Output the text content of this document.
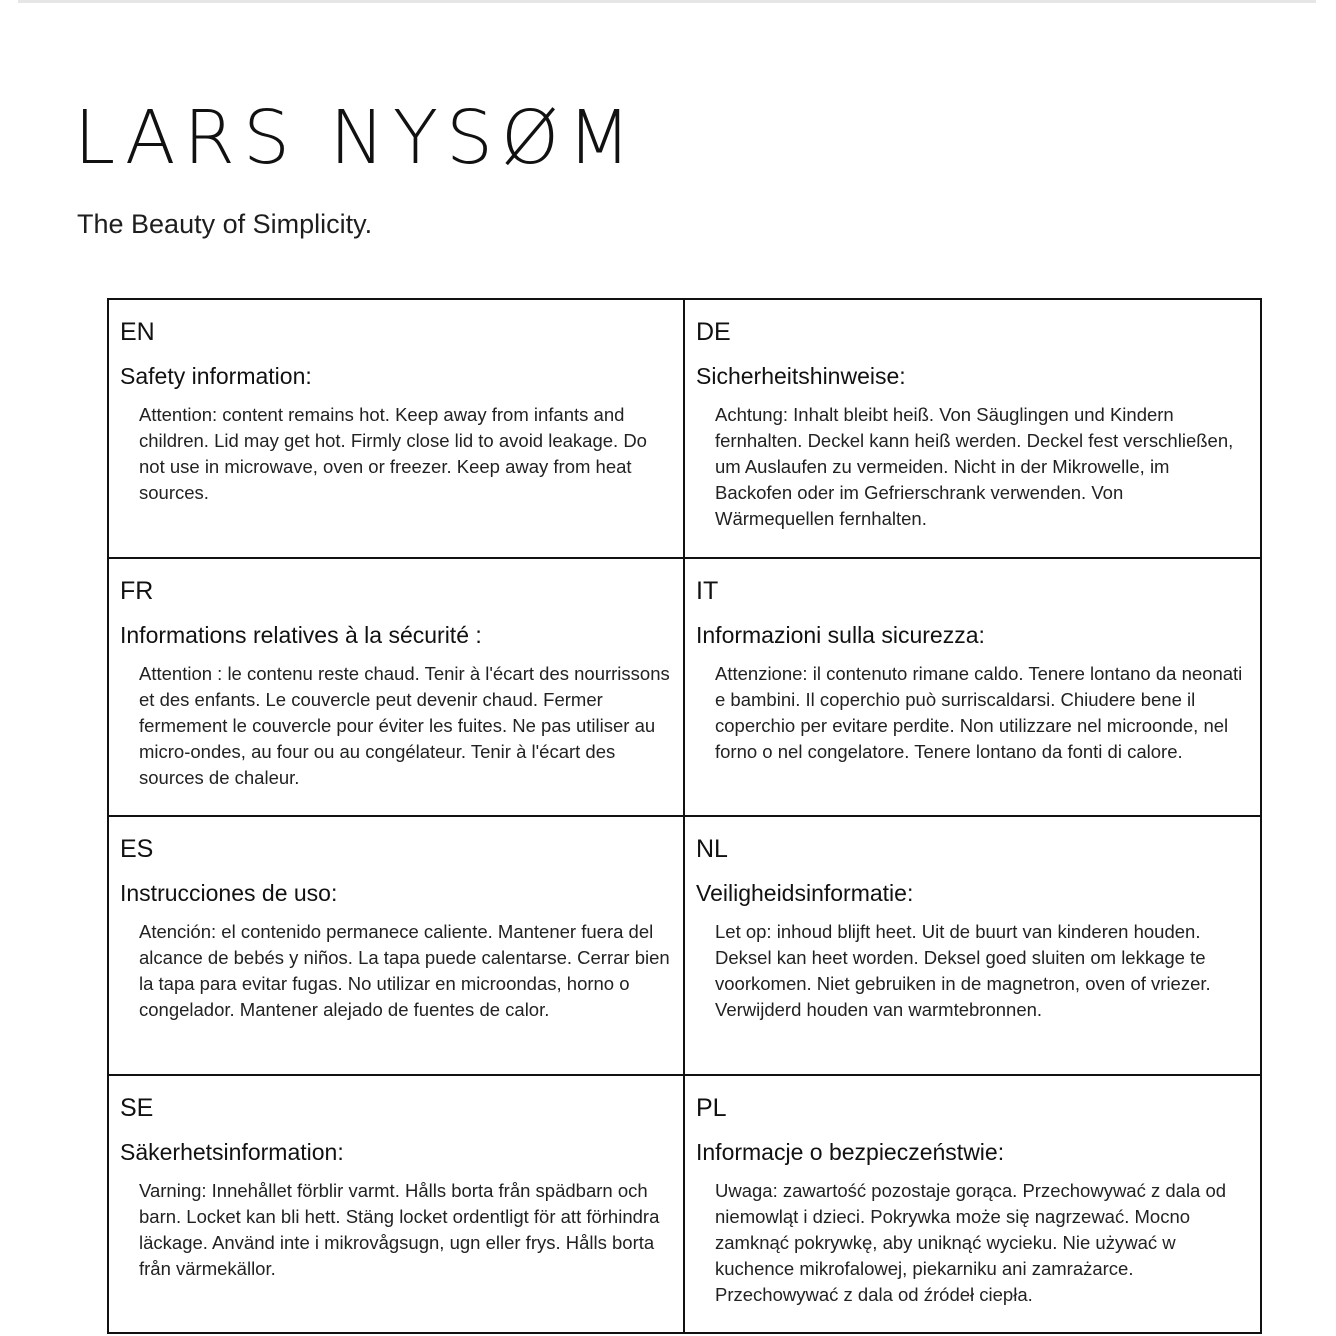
LARS NYSØM

The Beauty of Simplicity.

EN
Safety information:

Attention: content remains hot. Keep away from infants and children. Lid may get hot. Firmly close lid to avoid leakage. Do not use in microwave, oven or freezer. Keep away from heat sources.

DE
Sicherheitshinweise:

Achtung: Inhalt bleibt heiß. Von Säuglingen und Kindern fernhalten. Deckel kann heiß werden. Deckel fest verschließen, um Auslaufen zu vermeiden. Nicht in der Mikrowelle, im Backofen oder im Gefrierschrank verwenden. Von Wärmequellen fernhalten.

FR
Informations relatives à la sécurité :

Attention : le contenu reste chaud. Tenir à l'écart des nourrissons et des enfants. Le couvercle peut devenir chaud. Fermer fermement le couvercle pour éviter les fuites. Ne pas utiliser au micro-ondes, au four ou au congélateur. Tenir à l'écart des sources de chaleur.

IT
Informazioni sulla sicurezza:

Attenzione: il contenuto rimane caldo. Tenere lontano da neonati e bambini. Il coperchio può surriscaldarsi. Chiudere bene il coperchio per evitare perdite. Non utilizzare nel microonde, nel forno o nel congelatore. Tenere lontano da fonti di calore.

ES
Instrucciones de uso:

Atención: el contenido permanece caliente. Mantener fuera del alcance de bebés y niños. La tapa puede calentarse. Cerrar bien la tapa para evitar fugas. No utilizar en microondas, horno o congelador. Mantener alejado de fuentes de calor.

NL
Veiligheidsinformatie:

Let op: inhoud blijft heet. Uit de buurt van kinderen houden. Deksel kan heet worden. Deksel goed sluiten om lekkage te voorkomen. Niet gebruiken in de magnetron, oven of vriezer. Verwijderd houden van warmtebronnen.

SE
Säkerhetsinformation:

Varning: Innehållet förblir varmt. Hålls borta från spädbarn och barn. Locket kan bli hett. Stäng locket ordentligt för att förhindra läckage. Använd inte i mikrovågsugn, ugn eller frys. Hålls borta från värmekällor.

PL
Informacje o bezpieczeństwie:

Uwaga: zawartość pozostaje gorąca. Przechowywać z dala od niemowląt i dzieci. Pokrywka może się nagrzewać. Mocno zamknąć pokrywkę, aby uniknąć wycieku. Nie używać w kuchence mikrofalowej, piekarniku ani zamrażarce. Przechowywać z dala od źródeł ciepła.
